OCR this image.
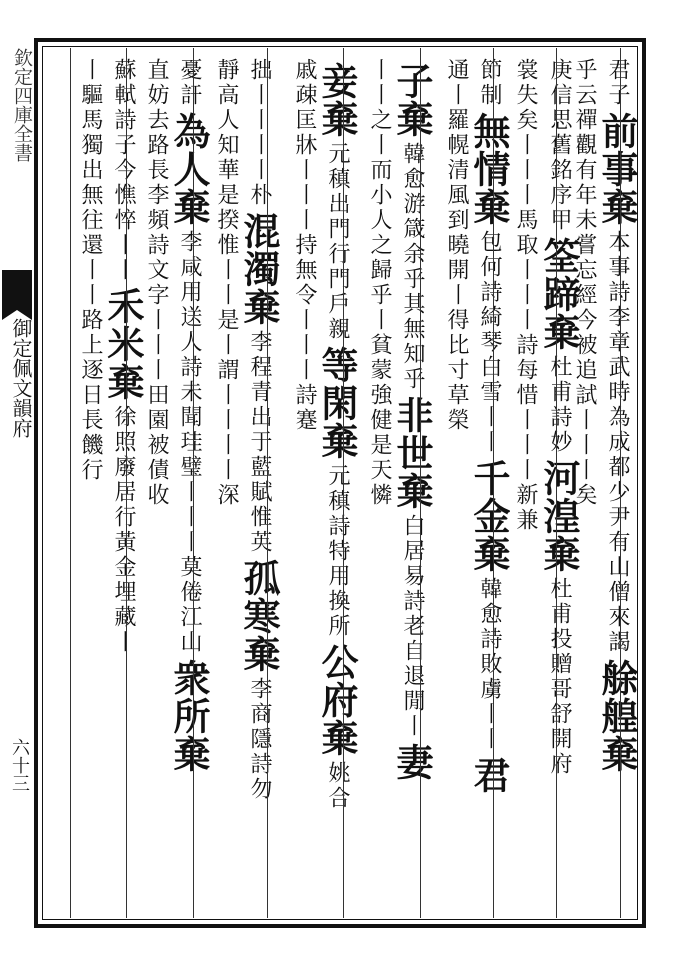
欽定四庫全書
御定佩文韻府
六十三
君子前事棄本事詩李章武時為成都少尹有山僧來謁艅艎棄
乎云禪觀有年未嘗忘經今被追試丨丨丨矣
庚信思舊銘序甲筌蹄棄杜甫詩妙河湟棄杜甫投贈哥舒開府
裳失矣丨丨丨馬取丨丨丨詩每惜丨丨丨新兼
節制無情棄包何詩綺琴白雪丨丨千金棄韓愈詩敗虜丨丨君
通丨羅幌清風到曉開丨得比寸草榮
子棄韓愈游箴余乎其無知乎非世棄白居易詩老自退閒丨妻
丨丨之丨而小人之歸乎丨貧蒙強健是天憐
妾棄元稹出門行門戶親等閑棄元稹詩特用換所公府棄姚合
戚疎匡牀丨丨丨持無令丨丨丨詩蹇
拙丨丨丨丨朴混濁棄李程青出于藍賦惟英孤寒棄李商隱詩勿
靜高人知華是揆惟丨丨是丨謂丨丨丨丨深
憂訐為人棄李咸用送人詩未聞珪璧丨丨丨莫倦江山衆所棄
直妨去路長李頻詩文字丨丨丨田園被債收
蘇軾詩子今憔悴丨丨禾米棄徐照廢居行黃金埋藏丨
丨驅馬獨出無往還丨丨路上逐日長饑行
